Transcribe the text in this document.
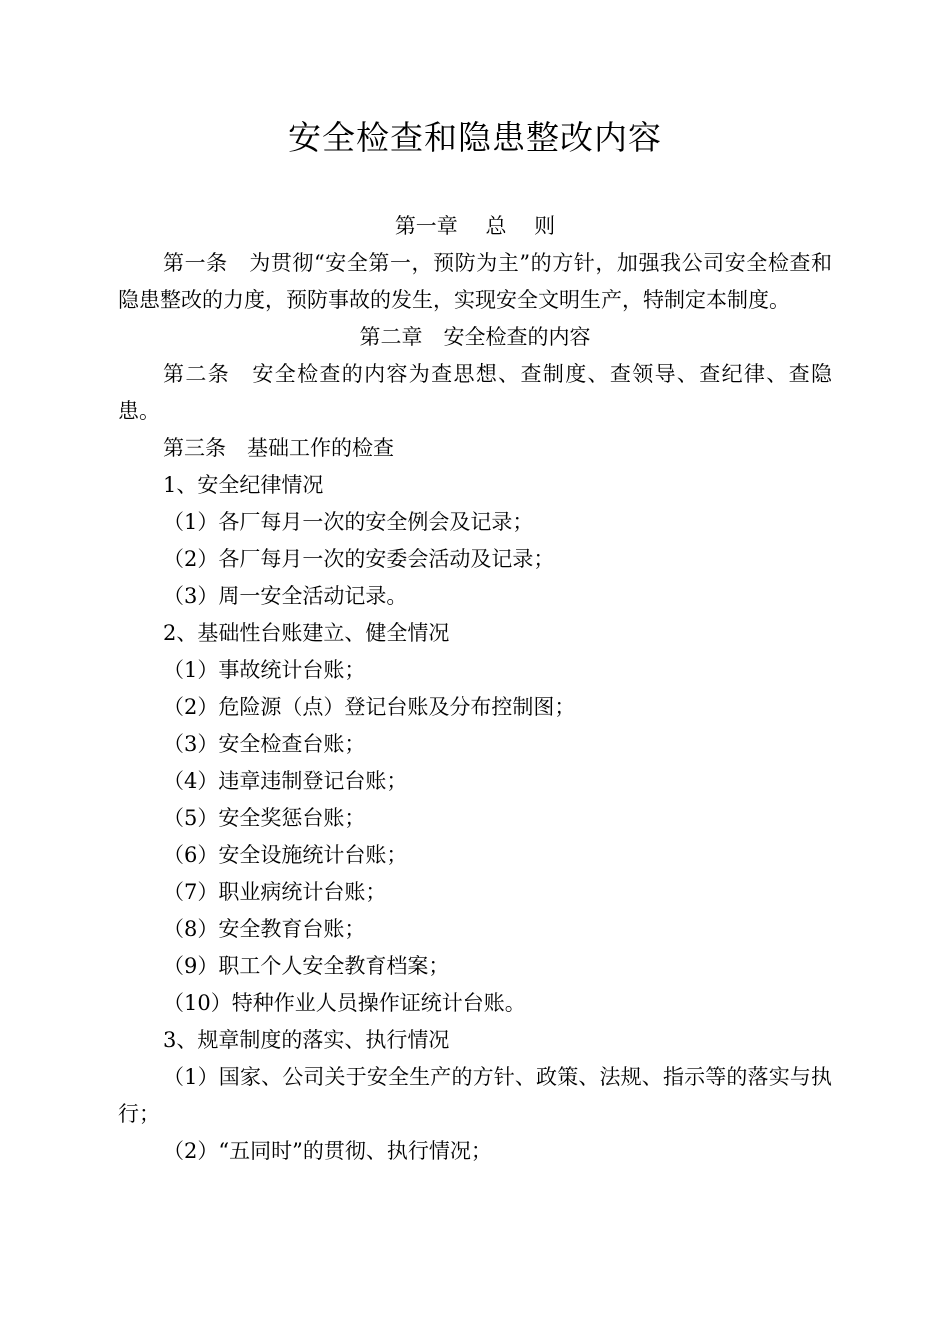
安全检查和隐患整改内容
第一章　 总　 则
第一条　为贯彻“安全第一，预防为主”的方针，加强我公司安全检查和隐患整改的力度，预防事故的发生，实现安全文明生产，特制定本制度。
第二章　安全检查的内容
第二条　安全检查的内容为查思想、查制度、查领导、查纪律、查隐患。
第三条　基础工作的检查
1、安全纪律情况
（1）各厂每月一次的安全例会及记录；
（2）各厂每月一次的安委会活动及记录；
（3）周一安全活动记录。
2、基础性台账建立、健全情况
（1）事故统计台账；
（2）危险源（点）登记台账及分布控制图；
（3）安全检查台账；
（4）违章违制登记台账；
（5）安全奖惩台账；
（6）安全设施统计台账；
（7）职业病统计台账；
（8）安全教育台账；
（9）职工个人安全教育档案；
（10）特种作业人员操作证统计台账。
3、规章制度的落实、执行情况
（1）国家、公司关于安全生产的方针、政策、法规、指示等的落实与执行；
（2）“五同时”的贯彻、执行情况；
